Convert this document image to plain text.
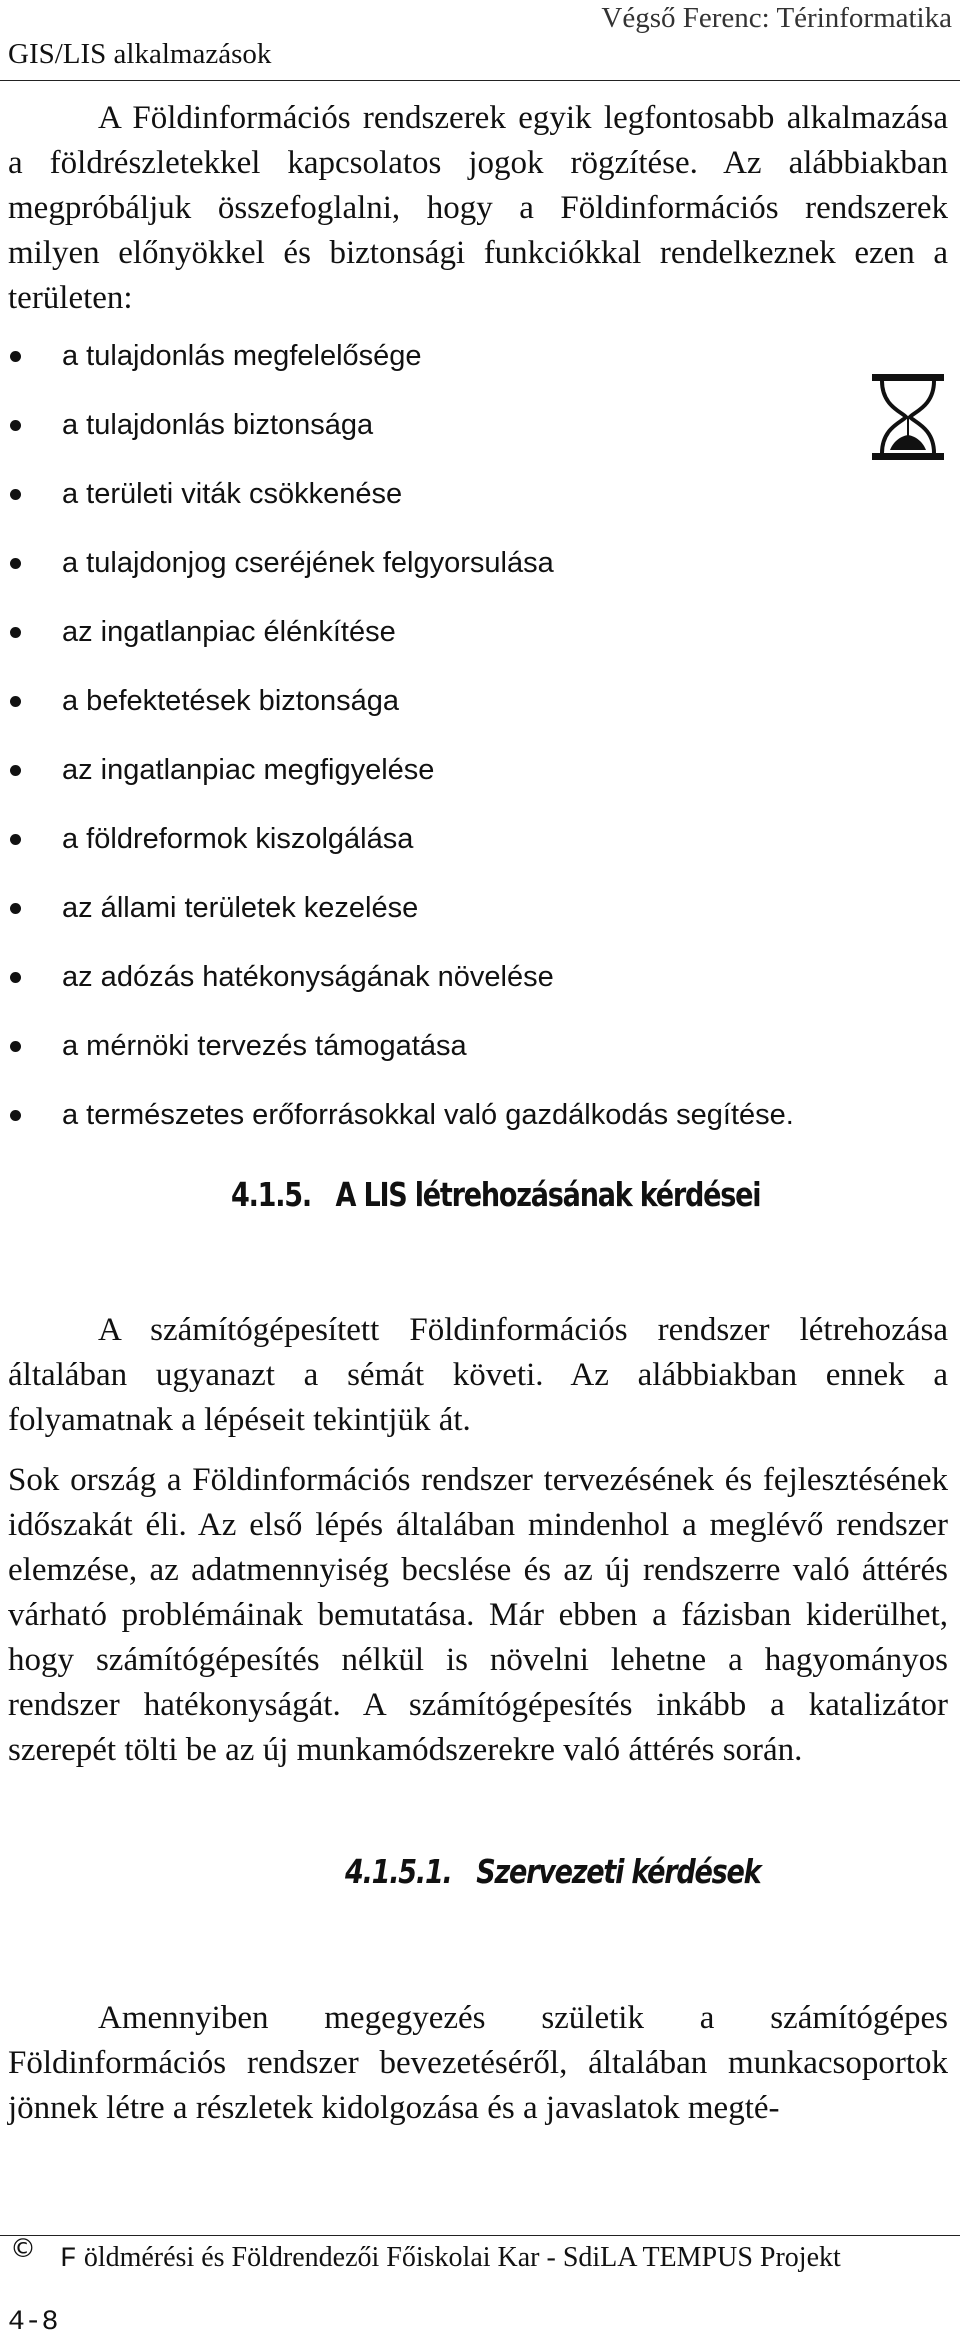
Végső Ferenc: Térinformatika
GIS/LIS alkalmazások

A Földinformációs rendszerek egyik legfontosabb alkalmazása a földrészletekkel kapcsolatos jogok rögzítése. Az alábbiakban megpróbáljuk összefoglalni, hogy a Földinformációs rendszerek milyen előnyökkel és biztonsági funkciókkal rendelkeznek ezen a területen:

a tulajdonlás megfelelősége
a tulajdonlás biztonsága
a területi viták csökkenése
a tulajdonjog cseréjének felgyorsulása
az ingatlanpiac élénkítése
a befektetések biztonsága
az ingatlanpiac megfigyelése
a földreformok kiszolgálása
az állami területek kezelése
az adózás hatékonyságának növelése
a mérnöki tervezés támogatása
a természetes erőforrásokkal való gazdálkodás segítése.
4.1.5. A LIS létrehozásának kérdései

A számítógépesített Földinformációs rendszer létrehozása általában ugyanazt a sémát követi. Az alábbiakban ennek a folyamatnak a lépéseit tekintjük át.

Sok ország a Földinformációs rendszer tervezésének és fejlesztésének időszakát éli. Az első lépés általában mindenhol a meglévő rendszer elemzése, az adatmennyiség becslése és az új rendszerre való áttérés várható problémáinak bemutatása. Már ebben a fázisban kiderülhet, hogy számítógépesítés nélkül is növelni lehetne a hagyományos rendszer hatékonyságát. A számítógépesítés inkább a katalizátor szerepét tölti be az új munkamódszerekre való áttérés során.

4.1.5.1. Szervezeti kérdések

Amennyiben megegyezés születik a számítógépes Földinformációs rendszer bevezetéséről, általában munkacsoportok jönnek létre a részletek kidolgozása és a javaslatok megté-

© F öldmérési és Földrendezői Főiskolai Kar - SdiLA TEMPUS Projekt
4-8
